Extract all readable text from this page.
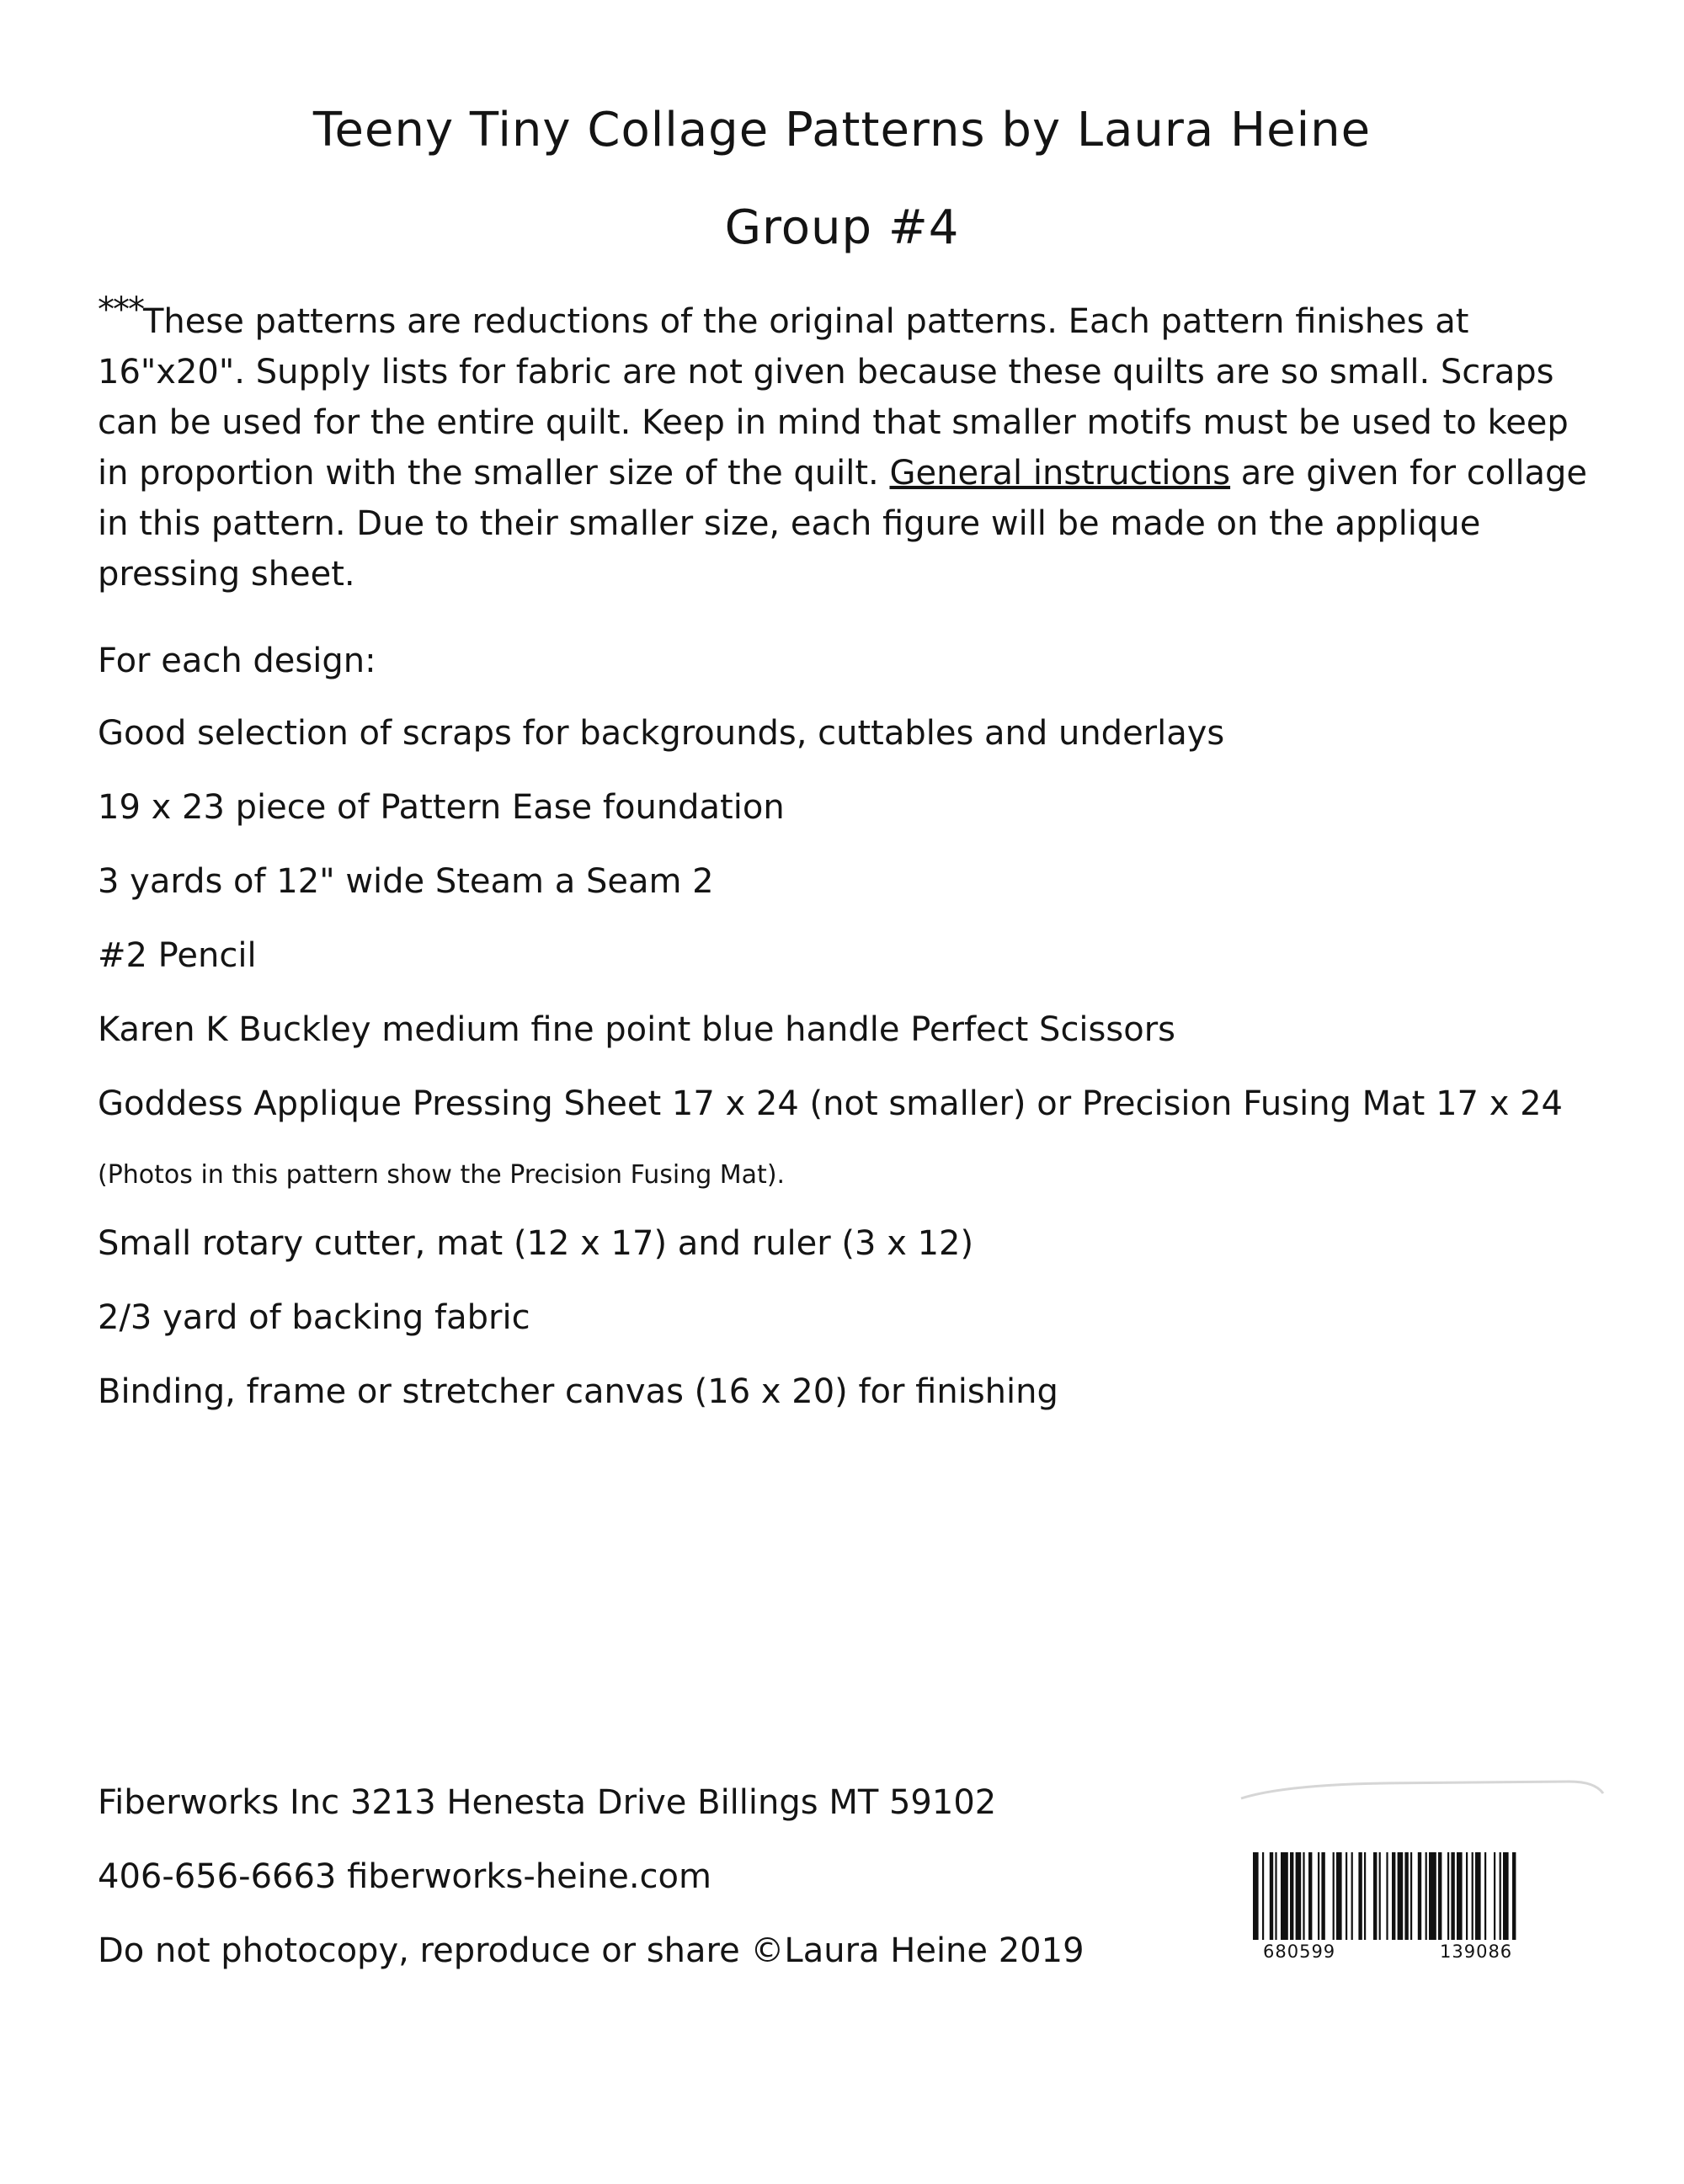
Teeny Tiny Collage Patterns by Laura Heine
Group #4
***These patterns are reductions of the original patterns. Each pattern finishes at 16"x20". Supply lists for fabric are not given because these quilts are so small. Scraps can be used for the entire quilt. Keep in mind that smaller motifs must be used to keep in proportion with the smaller size of the quilt. General instructions are given for collage in this pattern. Due to their smaller size, each figure will be made on the applique pressing sheet.
For each design:
Good selection of scraps for backgrounds, cuttables and underlays
19 x 23 piece of Pattern Ease foundation
3 yards of 12" wide Steam a Seam 2
#2 Pencil
Karen K Buckley medium fine point blue handle Perfect Scissors
Goddess Applique Pressing Sheet 17 x 24 (not smaller) or Precision Fusing Mat 17 x 24
(Photos in this pattern show the Precision Fusing Mat).
Small rotary cutter, mat (12 x 17) and ruler (3 x 12)
2/3 yard of backing fabric
Binding, frame or stretcher canvas (16 x 20) for finishing
Fiberworks Inc 3213 Henesta Drive Billings MT 59102
406-656-6663 fiberworks-heine.com
Do not photocopy, reproduce or share ©Laura Heine 2019	680599	139086
